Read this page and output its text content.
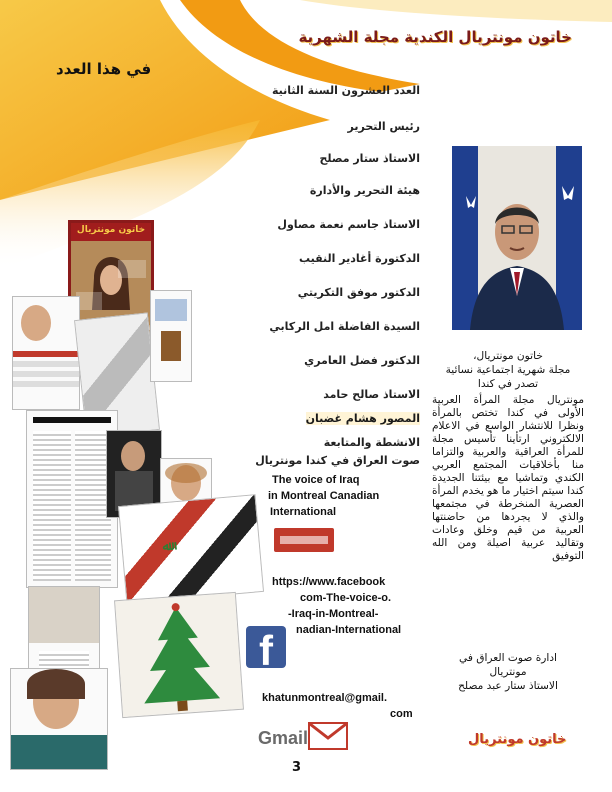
خاتون مونتريال الكندية مجلة الشهرية
في هذا العدد
العدد العشرون السنة الثانية
رئيس التحرير
الاستاذ ستار مصلح
هيئة التحرير والأدارة
الاستاذ جاسم نعمة مصاول
الدكتورة أغادير النقيب
الدكتور موفق التكريتي
السيدة الفاضلة امل الركابي
الدكتور فضل العامري
الاستاذ صالح حامد
المصور هشام غضبان
الانشطة والمتابعة
صوت العراق في كندا مونتريال
The voice of Iraq
in Montreal Canadian
International
https://www.facebook
com-The-voice-o.
-Iraq-in-Montreal-
nadian-International
f
khatunmontreal@gmail.
com
Gmail
3
خاتون مونتريال،
مجلة شهرية اجتماعية نسائية
تصدر في كندا
مونتريال مجلة المرأة العربية الأولى في كندا تختص بالمرأة ونظرا للانتشار الواسع في الاعلام الالكتروني ارتأينا تأسيس مجلة للمرأة العراقية والعربية والتزاما منا بأخلاقيات المجتمع العربي الكندي وتماشيا مع بيئتنا الجديدة كندا سيتم اختيار ما هو يخدم المرأة العصرية المنخرطة في مجتمعها والذي لا يجردها من حاضنتها العربية من قيم وخلق وعادات وتقاليد عربية اصيلة ومن الله التوفيق
ادارة صوت العراق في
مونتريال
الاستاذ ستار عبد مصلح
خاتون مونتريال
ﷲ
خاتون مونتريال
